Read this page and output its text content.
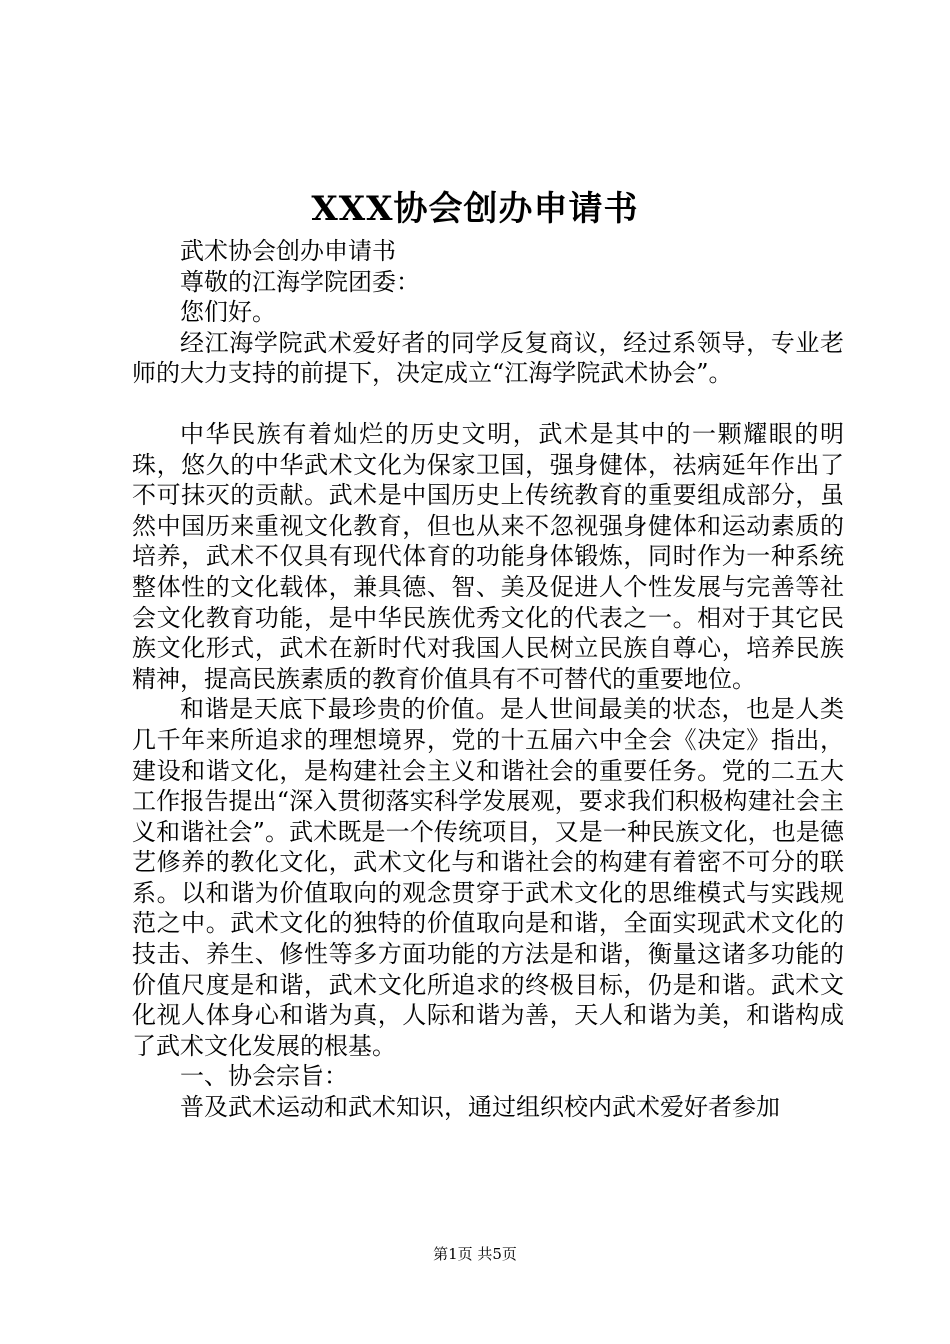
XXX协会创办申请书

武术协会创办申请书

尊敬的江海学院团委：

您们好。

经江海学院武术爱好者的同学反复商议，经过系领导，专业老师的大力支持的前提下，决定成立“江海学院武术协会”。

中华民族有着灿烂的历史文明，武术是其中的一颗耀眼的明珠，悠久的中华武术文化为保家卫国，强身健体，祛病延年作出了不可抹灭的贡献。武术是中国历史上传统教育的重要组成部分，虽然中国历来重视文化教育，但也从来不忽视强身健体和运动素质的培养，武术不仅具有现代体育的功能身体锻炼，同时作为一种系统整体性的文化载体，兼具德、智、美及促进人个性发展与完善等社会文化教育功能，是中华民族优秀文化的代表之一。相对于其它民族文化形式，武术在新时代对我国人民树立民族自尊心，培养民族精神，提高民族素质的教育价值具有不可替代的重要地位。

和谐是天底下最珍贵的价值。是人世间最美的状态，也是人类几千年来所追求的理想境界，党的十五届六中全会《决定》指出，建设和谐文化，是构建社会主义和谐社会的重要任务。党的二五大工作报告提出“深入贯彻落实科学发展观，要求我们积极构建社会主义和谐社会”。武术既是一个传统项目，又是一种民族文化，也是德艺修养的教化文化，武术文化与和谐社会的构建有着密不可分的联系。以和谐为价值取向的观念贯穿于武术文化的思维模式与实践规范之中。武术文化的独特的价值取向是和谐，全面实现武术文化的技击、养生、修性等多方面功能的方法是和谐，衡量这诸多功能的价值尺度是和谐，武术文化所追求的终极目标，仍是和谐。武术文化视人体身心和谐为真，人际和谐为善，天人和谐为美，和谐构成了武术文化发展的根基。

一、协会宗旨：

普及武术运动和武术知识，通过组织校内武术爱好者参加

第1页 共5页
